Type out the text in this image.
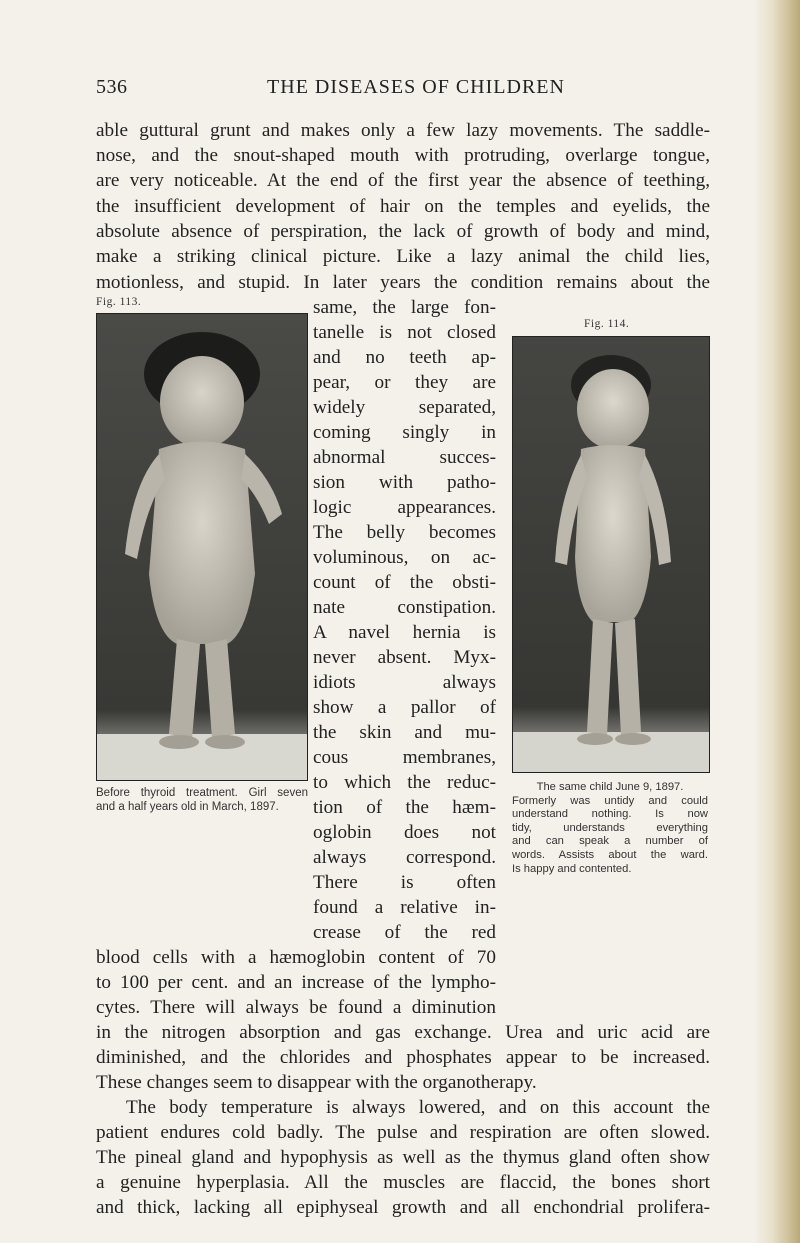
536	THE DISEASES OF CHILDREN
able guttural grunt and makes only a few lazy movements. The saddle-
nose, and the snout-shaped mouth with protruding, overlarge tongue,
are very noticeable. At the end of the first year the absence of teething,
the insufficient development of hair on the temples and eyelids, the
absolute absence of perspiration, the lack of growth of body and mind,
make a striking clinical picture. Like a lazy animal the child lies,
motionless, and stupid. In later years the condition remains about the
Fig. 113.
Fig. 114.
same, the large fon-
tanelle is not closed
and no teeth ap-
pear, or they are
widely separated,
coming singly in
abnormal succes-
sion with patho-
logic appearances.
The belly becomes
voluminous, on ac-
count of the obsti-
nate constipation.
A navel hernia is
never absent. Myx-
idiots always
show a pallor of
the skin and mu-
cous membranes,
to which the reduc-
tion of the hæm-
oglobin does not
always correspond.
There is often
found a relative in-
crease of the red
Before thyroid treatment. Girl seven
and a half years old in March, 1897.
The same child June 9, 1897.
Formerly was untidy and could
understand nothing. Is now
tidy, understands everything
and can speak a number of
words. Assists about the ward.
Is happy and contented.
blood cells with a hæmoglobin content of 70
to 100 per cent. and an increase of the lympho-
cytes. There will always be found a diminution
in the nitrogen absorption and gas exchange. Urea and uric acid are
diminished, and the chlorides and phosphates appear to be increased.
These changes seem to disappear with the organotherapy.
The body temperature is always lowered, and on this account the
patient endures cold badly. The pulse and respiration are often slowed.
The pineal gland and hypophysis as well as the thymus gland often show
a genuine hyperplasia. All the muscles are flaccid, the bones short
and thick, lacking all epiphyseal growth and all enchondrial prolifera-
